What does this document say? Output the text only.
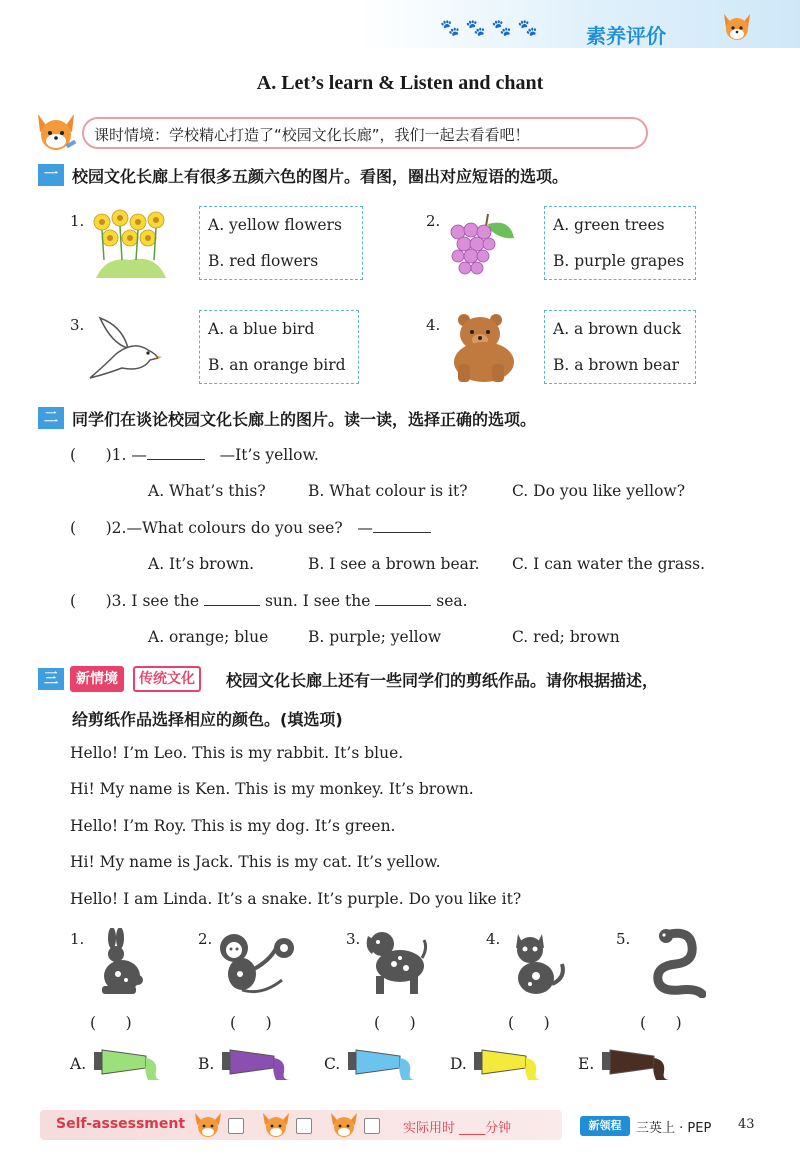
🐾🐾🐾🐾 素养评价
A. Let’s learn & Listen and chant
课时情境：学校精心打造了“校园文化长廊”，我们一起去看看吧！
一 校园文化长廊上有很多五颜六色的图片。看图，圈出对应短语的选项。
1.	A. yellow flowers
B. red flowers
2.	A. green trees
B. purple grapes
3.	A. a blue bird
B. an orange bird
4.	A. a brown duck
B. a brown bear
二 同学们在谈论校园文化长廊上的图片。读一读，选择正确的选项。
(      )1. —	—It’s yellow.
A. What’s this?	B. What colour is it?	C. Do you like yellow?
(      )2.—What colours do you see? —
A. It’s brown.	B. I see a brown bear. C. I can water the grass.
(      )3. I see the	sun. I see the	sea.
A. orange; blue	B. purple; yellow	C. red; brown
三	新情境	传统文化	校园文化长廊上还有一些同学们的剪纸作品。请你根据描述，
给剪纸作品选择相应的颜色。(填选项)
Hello! I’m Leo. This is my rabbit. It’s blue.
Hi! My name is Ken. This is my monkey. It’s brown.
Hello! I’m Roy. This is my dog. It’s green.
Hi! My name is Jack. This is my cat. It’s yellow.
Hello! I am Linda. It’s a snake. It’s purple. Do you like it?
1.	2.	3.	4.	5.
(      )	(      )	(      )	(      )	(      )
A.	B.	C.	D.	E.
Self-assessment	实际用时 ____分钟	新领程	三英上 · PEP 43
